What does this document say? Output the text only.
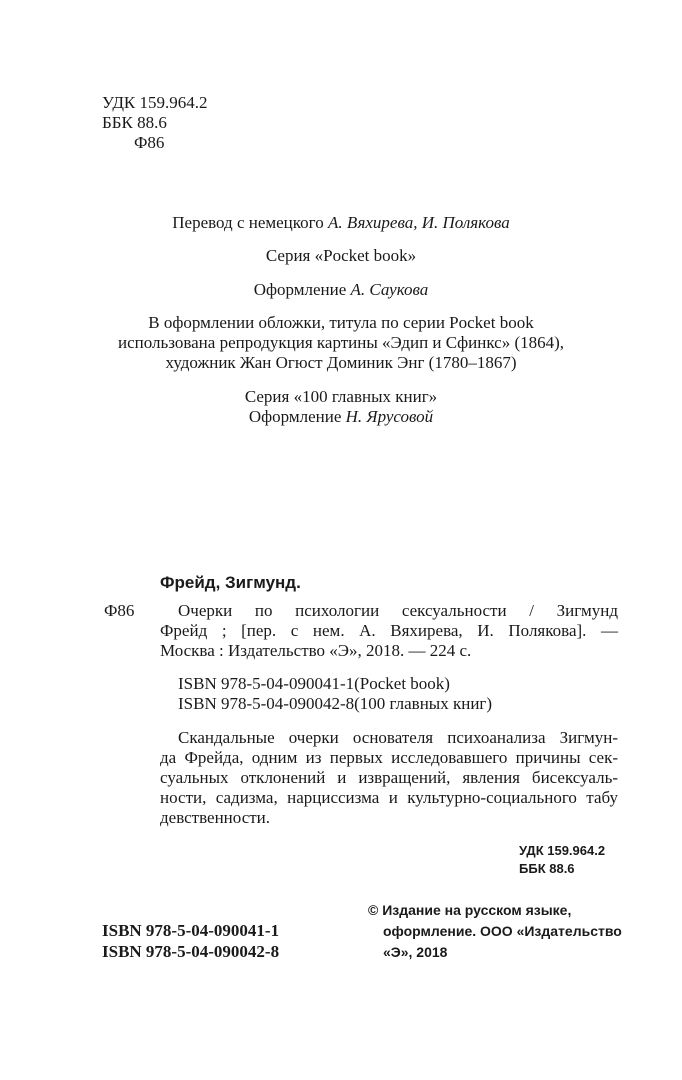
УДК 159.964.2
ББК 88.6
Ф86
Перевод с немецкого А. Вяхирева, И. Полякова
Серия «Pocket book»
Оформление А. Саукова
В оформлении обложки, титула по серии Pocket book
использована репродукция картины «Эдип и Сфинкс» (1864),
художник Жан Огюст Доминик Энг (1780–1867)
Серия «100 главных книг»
Оформление Н. Ярусовой
Фрейд, Зигмунд.
Ф86	Очерки по психологии сексуальности / Зигмунд
Фрейд ; [пер. с нем. А. Вяхирева, И. Полякова]. —
Москва : Издательство «Э», 2018. — 224 с.
ISBN 978-5-04-090041-1(Pocket book)
ISBN 978-5-04-090042-8(100 главных книг)
Скандальные очерки основателя психоанализа Зигмун-
да Фрейда, одним из первых исследовавшего причины сек-
суальных отклонений и извращений, явления бисексуаль-
ности, садизма, нарциссизма и культурно-социального табу
девственности.
УДК 159.964.2
ББК 88.6
ISBN 978-5-04-090041-1
ISBN 978-5-04-090042-8
© Издание на русском языке,
оформление. ООО «Издательство
«Э», 2018
